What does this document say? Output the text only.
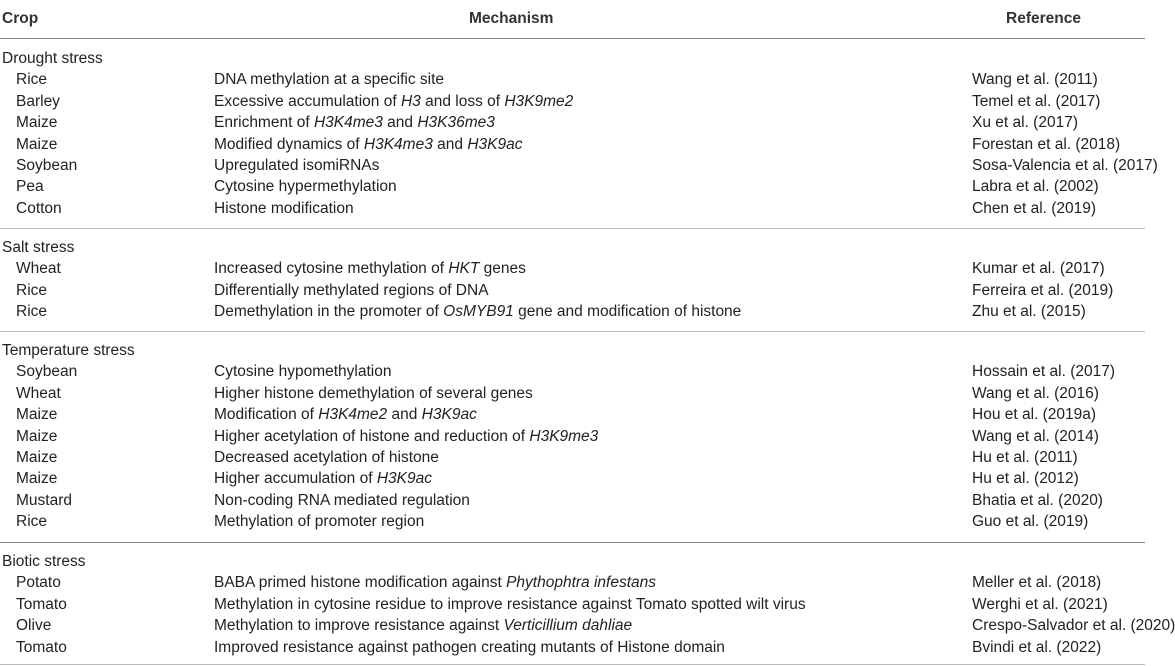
Crop	Mechanism	Reference
Drought stress
Rice	DNA methylation at a specific site	Wang et al. (2011)
Barley	Excessive accumulation of H3 and loss of H3K9me2	Temel et al. (2017)
Maize	Enrichment of H3K4me3 and H3K36me3	Xu et al. (2017)
Maize	Modified dynamics of H3K4me3 and H3K9ac	Forestan et al. (2018)
Soybean	Upregulated isomiRNAs	Sosa-Valencia et al. (2017)
Pea	Cytosine hypermethylation	Labra et al. (2002)
Cotton	Histone modification	Chen et al. (2019)
Salt stress
Wheat	Increased cytosine methylation of HKT genes	Kumar et al. (2017)
Rice	Differentially methylated regions of DNA	Ferreira et al. (2019)
Rice	Demethylation in the promoter of OsMYB91 gene and modification of histone	Zhu et al. (2015)
Temperature stress
Soybean	Cytosine hypomethylation	Hossain et al. (2017)
Wheat	Higher histone demethylation of several genes	Wang et al. (2016)
Maize	Modification of H3K4me2 and H3K9ac	Hou et al. (2019a)
Maize	Higher acetylation of histone and reduction of H3K9me3	Wang et al. (2014)
Maize	Decreased acetylation of histone	Hu et al. (2011)
Maize	Higher accumulation of H3K9ac	Hu et al. (2012)
Mustard	Non-coding RNA mediated regulation	Bhatia et al. (2020)
Rice	Methylation of promoter region	Guo et al. (2019)
Biotic stress
Potato	BABA primed histone modification against Phythophtra infestans	Meller et al. (2018)
Tomato	Methylation in cytosine residue to improve resistance against Tomato spotted wilt virus	Werghi et al. (2021)
Olive	Methylation to improve resistance against Verticillium dahliae	Crespo-Salvador et al. (2020)
Tomato	Improved resistance against pathogen creating mutants of Histone domain	Bvindi et al. (2022)
